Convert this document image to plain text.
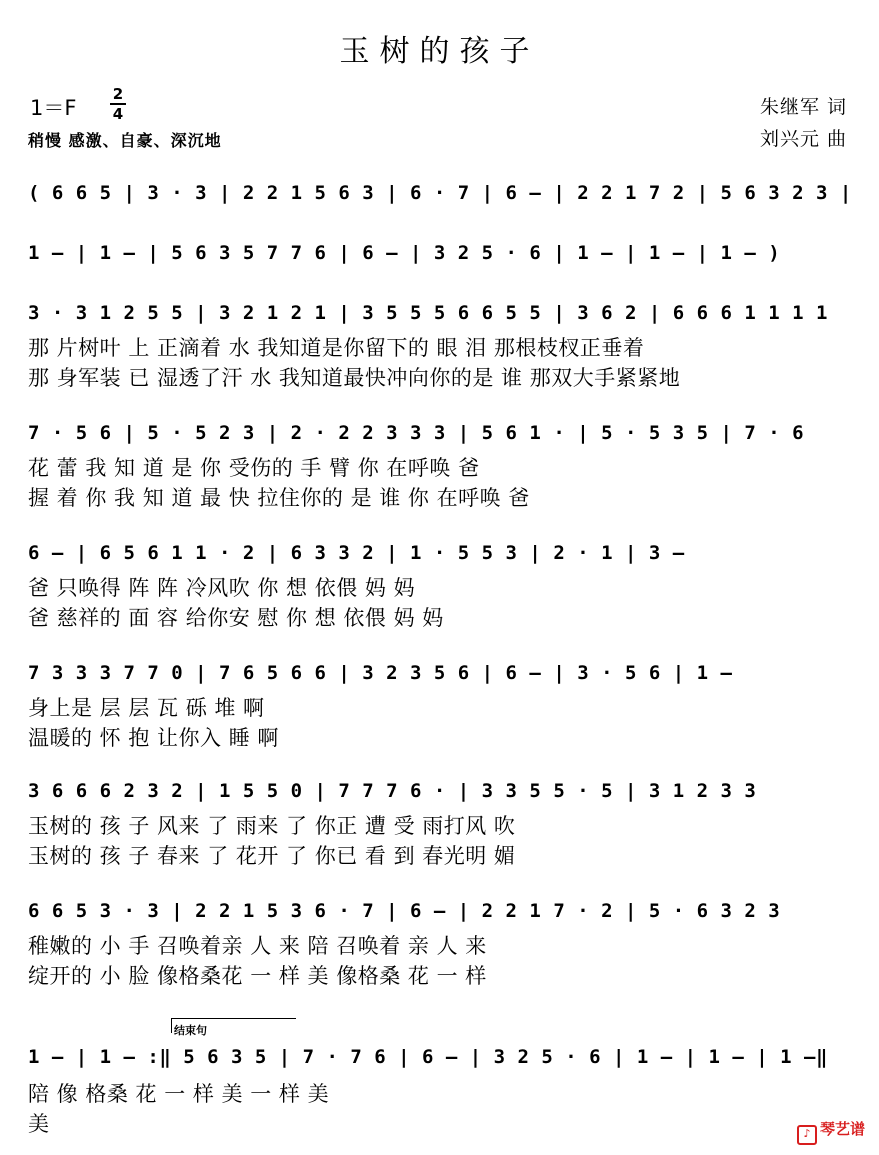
玉树的孩子
1＝F
2
4
稍慢 感激、自豪、深沉地
朱继军 词
刘兴元 曲
( 6 6 5 | 3 · 3 | 2 2 1 5 6 3 | 6 · 7 | 6 – | 2 2 1 7 2 | 5 6 3 2 3 |
1 – | 1 – | 5 6 3 5 7 7 6 | 6 – | 3 2 5 · 6 | 1 – | 1 – | 1 – )
3 · 3 1 2 5 5 | 3 2 1 2 1 | 3 5 5 5 6 6 5 5 | 3 6 2 | 6 6 6 1 1 1 1
那 片树叶 上 正滴着 水 我知道是你留下的 眼 泪 那根枝杈正垂着
那 身军装 已 湿透了汗 水 我知道最快冲向你的是 谁 那双大手紧紧地
7 · 5 6 | 5 · 5 2 3 | 2 · 2 2 3 3 3 | 5 6 1 · | 5 · 5 3 5 | 7 · 6
花 蕾 我 知 道 是 你 受伤的 手 臂 你 在呼唤 爸
握 着 你 我 知 道 最 快 拉住你的 是 谁 你 在呼唤 爸
6 – | 6 5 6 1 1 · 2 | 6 3 3 2 | 1 · 5 5 3 | 2 · 1 | 3 –
爸 只唤得 阵 阵 冷风吹 你 想 依偎 妈 妈
爸 慈祥的 面 容 给你安 慰 你 想 依偎 妈 妈
7 3 3 3 7 7 0 | 7 6 5 6 6 | 3 2 3 5 6 | 6 – | 3 · 5 6 | 1 –
身上是 层 层 瓦 砾 堆 啊
温暖的 怀 抱 让你入 睡 啊
3 6 6 6 2 3 2 | 1 5 5 0 | 7 7 7 6 · | 3 3 5 5 · 5 | 3 1 2 3 3
玉树的 孩 子 风来 了 雨来 了 你正 遭 受 雨打风 吹
玉树的 孩 子 春来 了 花开 了 你已 看 到 春光明 媚
6 6 5 3 · 3 | 2 2 1 5 3 6 · 7 | 6 – | 2 2 1 7 · 2 | 5 · 6 3 2 3
稚嫩的 小 手 召唤着亲 人 来 陪 召唤着 亲 人 来
绽开的 小 脸 像格桑花 一 样 美 像格桑 花 一 样
结束句
1 – | 1 – :‖ 5 6 3 5 | 7 · 7 6 | 6 – | 3 2 5 · 6 | 1 – | 1 – | 1 –‖
陪 像 格桑 花 一 样 美 一 样 美
美	♪ 琴艺谱
